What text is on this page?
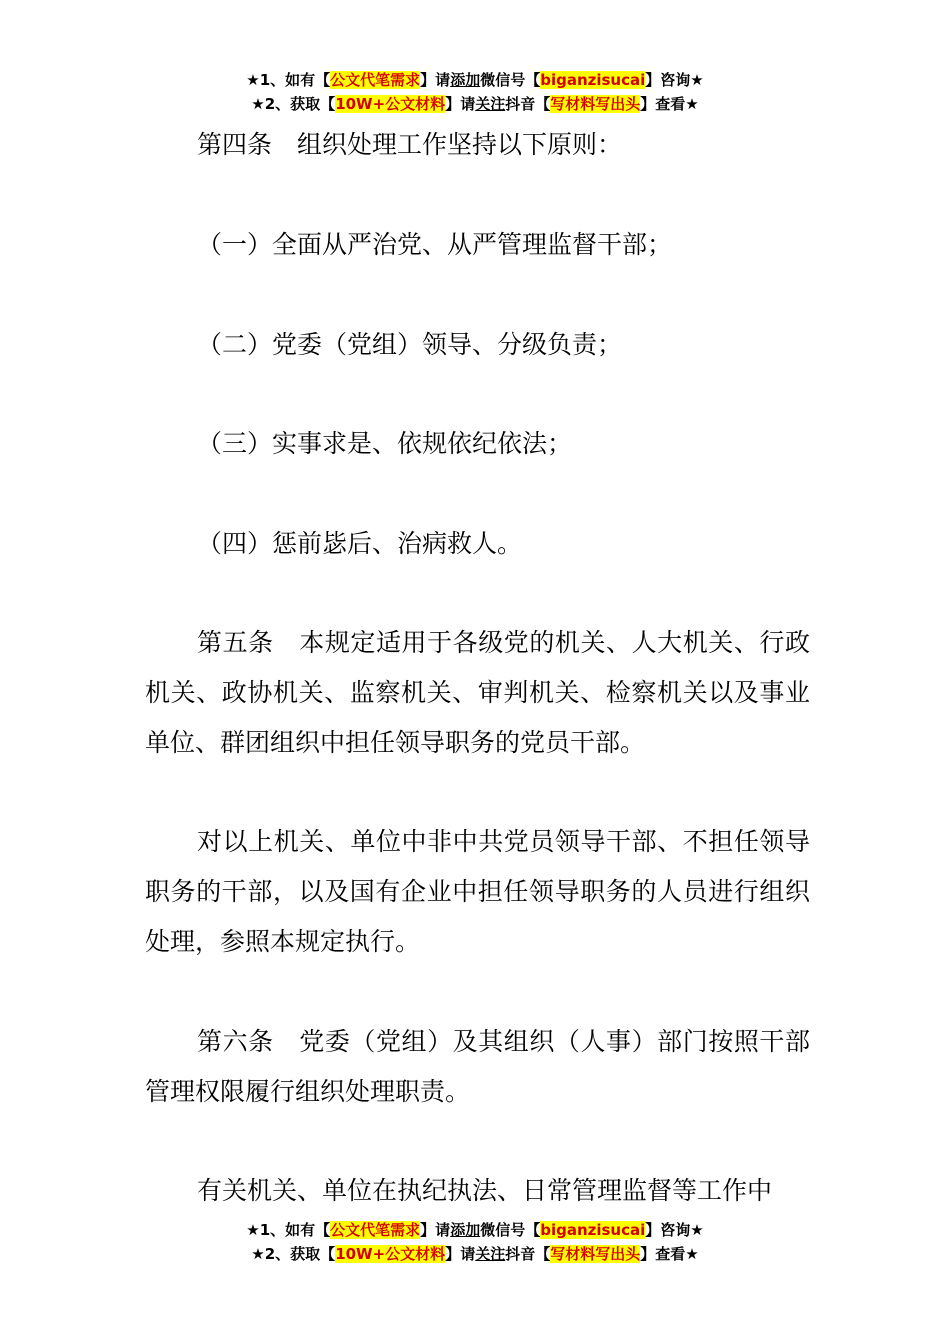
★1、如有【公文代笔需求】请添加微信号【biganzisucai】咨询★
★2、获取【10W+公文材料】请关注抖音【写材料写出头】查看★

第四条　组织处理工作坚持以下原则：

（一）全面从严治党、从严管理监督干部；

（二）党委（党组）领导、分级负责；

（三）实事求是、依规依纪依法；

（四）惩前毖后、治病救人。

第五条　本规定适用于各级党的机关、人大机关、行政机关、政协机关、监察机关、审判机关、检察机关以及事业单位、群团组织中担任领导职务的党员干部。

对以上机关、单位中非中共党员领导干部、不担任领导职务的干部，以及国有企业中担任领导职务的人员进行组织处理，参照本规定执行。

第六条　党委（党组）及其组织（人事）部门按照干部管理权限履行组织处理职责。

有关机关、单位在执纪执法、日常管理监督等工作中

★1、如有【公文代笔需求】请添加微信号【biganzisucai】咨询★
★2、获取【10W+公文材料】请关注抖音【写材料写出头】查看★
